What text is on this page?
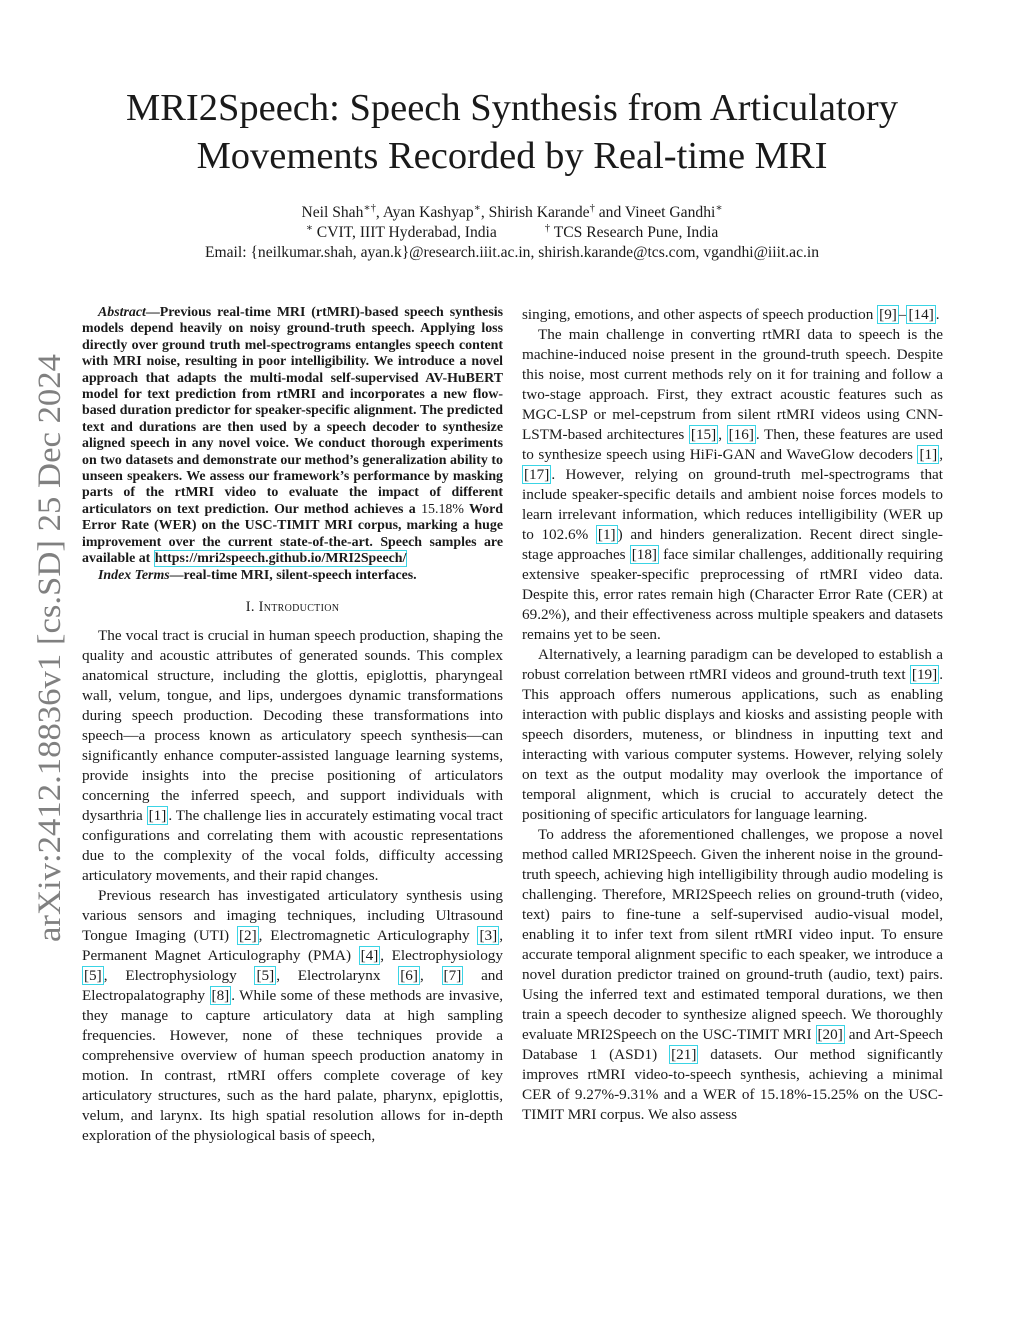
arXiv:2412.18836v1 [cs.SD] 25 Dec 2024
MRI2Speech: Speech Synthesis from Articulatory
Movements Recorded by Real-time MRI
Neil Shah∗†, Ayan Kashyap∗, Shirish Karande† and Vineet Gandhi∗
∗ CVIT, IIIT Hyderabad, India	† TCS Research Pune, India
Email: {neilkumar.shah, ayan.k}@research.iiit.ac.in, shirish.karande@tcs.com, vgandhi@iiit.ac.in

Abstract—Previous real-time MRI (rtMRI)-based speech synthesis models depend heavily on noisy ground-truth speech. Applying loss directly over ground truth mel-spectrograms entangles speech content with MRI noise, resulting in poor intelligibility. We introduce a novel approach that adapts the multi-modal self-supervised AV-HuBERT model for text prediction from rtMRI and incorporates a new flow-based duration predictor for speaker-specific alignment. The predicted text and durations are then used by a speech decoder to synthesize aligned speech in any novel voice. We conduct thorough experiments on two datasets and demonstrate our method’s generalization ability to unseen speakers. We assess our framework’s performance by masking parts of the rtMRI video to evaluate the impact of different articulators on text prediction. Our method achieves a 15.18% Word Error Rate (WER) on the USC-TIMIT MRI corpus, marking a huge improvement over the current state-of-the-art. Speech samples are available at https://mri2speech.github.io/MRI2Speech/

Index Terms—real-time MRI, silent-speech interfaces.

I. Introduction

The vocal tract is crucial in human speech production, shaping the quality and acoustic attributes of generated sounds. This complex anatomical structure, including the glottis, epiglottis, pharyngeal wall, velum, tongue, and lips, undergoes dynamic transformations during speech production. Decoding these transformations into speech—a process known as articulatory speech synthesis—can significantly enhance computer-assisted language learning systems, provide insights into the precise positioning of articulators concerning the inferred speech, and support individuals with dysarthria [1] . The challenge lies in accurately estimating vocal tract configurations and correlating them with acoustic representations due to the complexity of the vocal folds, difficulty accessing articulatory movements, and their rapid changes.

Previous research has investigated articulatory synthesis using various sensors and imaging techniques, including Ultrasound Tongue Imaging (UTI) [2] , Electromagnetic Articulography [3] , Permanent Magnet Articulography (PMA) [4] , Electrophysiology [5] , Electrophysiology [5] , Electrolarynx [6] , [7] and Electropalatography [8] . While some of these methods are invasive, they manage to capture articulatory data at high sampling frequencies. However, none of these techniques provide a comprehensive overview of human speech production anatomy in motion. In contrast, rtMRI offers complete coverage of key articulatory structures, such as the hard palate, pharynx, epiglottis, velum, and larynx. Its high spatial resolution allows for in-depth exploration of the physiological basis of speech,

singing, emotions, and other aspects of speech production [9] – [14] .

The main challenge in converting rtMRI data to speech is the machine-induced noise present in the ground-truth speech. Despite this noise, most current methods rely on it for training and follow a two-stage approach. First, they extract acoustic features such as MGC-LSP or mel-cepstrum from silent rtMRI videos using CNN-LSTM-based architectures [15] , [16] . Then, these features are used to synthesize speech using HiFi-GAN and WaveGlow decoders [1] , [17] . However, relying on ground-truth mel-spectrograms that include speaker-specific details and ambient noise forces models to learn irrelevant information, which reduces intelligibility (WER up to 102.6% [1] ) and hinders generalization. Recent direct single-stage approaches [18] face similar challenges, additionally requiring extensive speaker-specific preprocessing of rtMRI video data. Despite this, error rates remain high (Character Error Rate (CER) at 69.2%), and their effectiveness across multiple speakers and datasets remains yet to be seen.

Alternatively, a learning paradigm can be developed to establish a robust correlation between rtMRI videos and ground-truth text [19] . This approach offers numerous applications, such as enabling interaction with public displays and kiosks and assisting people with speech disorders, muteness, or blindness in inputting text and interacting with various computer systems. However, relying solely on text as the output modality may overlook the importance of temporal alignment, which is crucial to accurately detect the positioning of specific articulators for language learning.

To address the aforementioned challenges, we propose a novel method called MRI2Speech. Given the inherent noise in the ground-truth speech, achieving high intelligibility through audio modeling is challenging. Therefore, MRI2Speech relies on ground-truth (video, text) pairs to fine-tune a self-supervised audio-visual model, enabling it to infer text from silent rtMRI video input. To ensure accurate temporal alignment specific to each speaker, we introduce a novel duration predictor trained on ground-truth (audio, text) pairs. Using the inferred text and estimated temporal durations, we then train a speech decoder to synthesize aligned speech. We thoroughly evaluate MRI2Speech on the USC-TIMIT MRI [20] and Art-Speech Database 1 (ASD1) [21] datasets. Our method significantly improves rtMRI video-to-speech synthesis, achieving a minimal CER of 9.27%-9.31% and a WER of 15.18%-15.25% on the USC-TIMIT MRI corpus. We also assess
